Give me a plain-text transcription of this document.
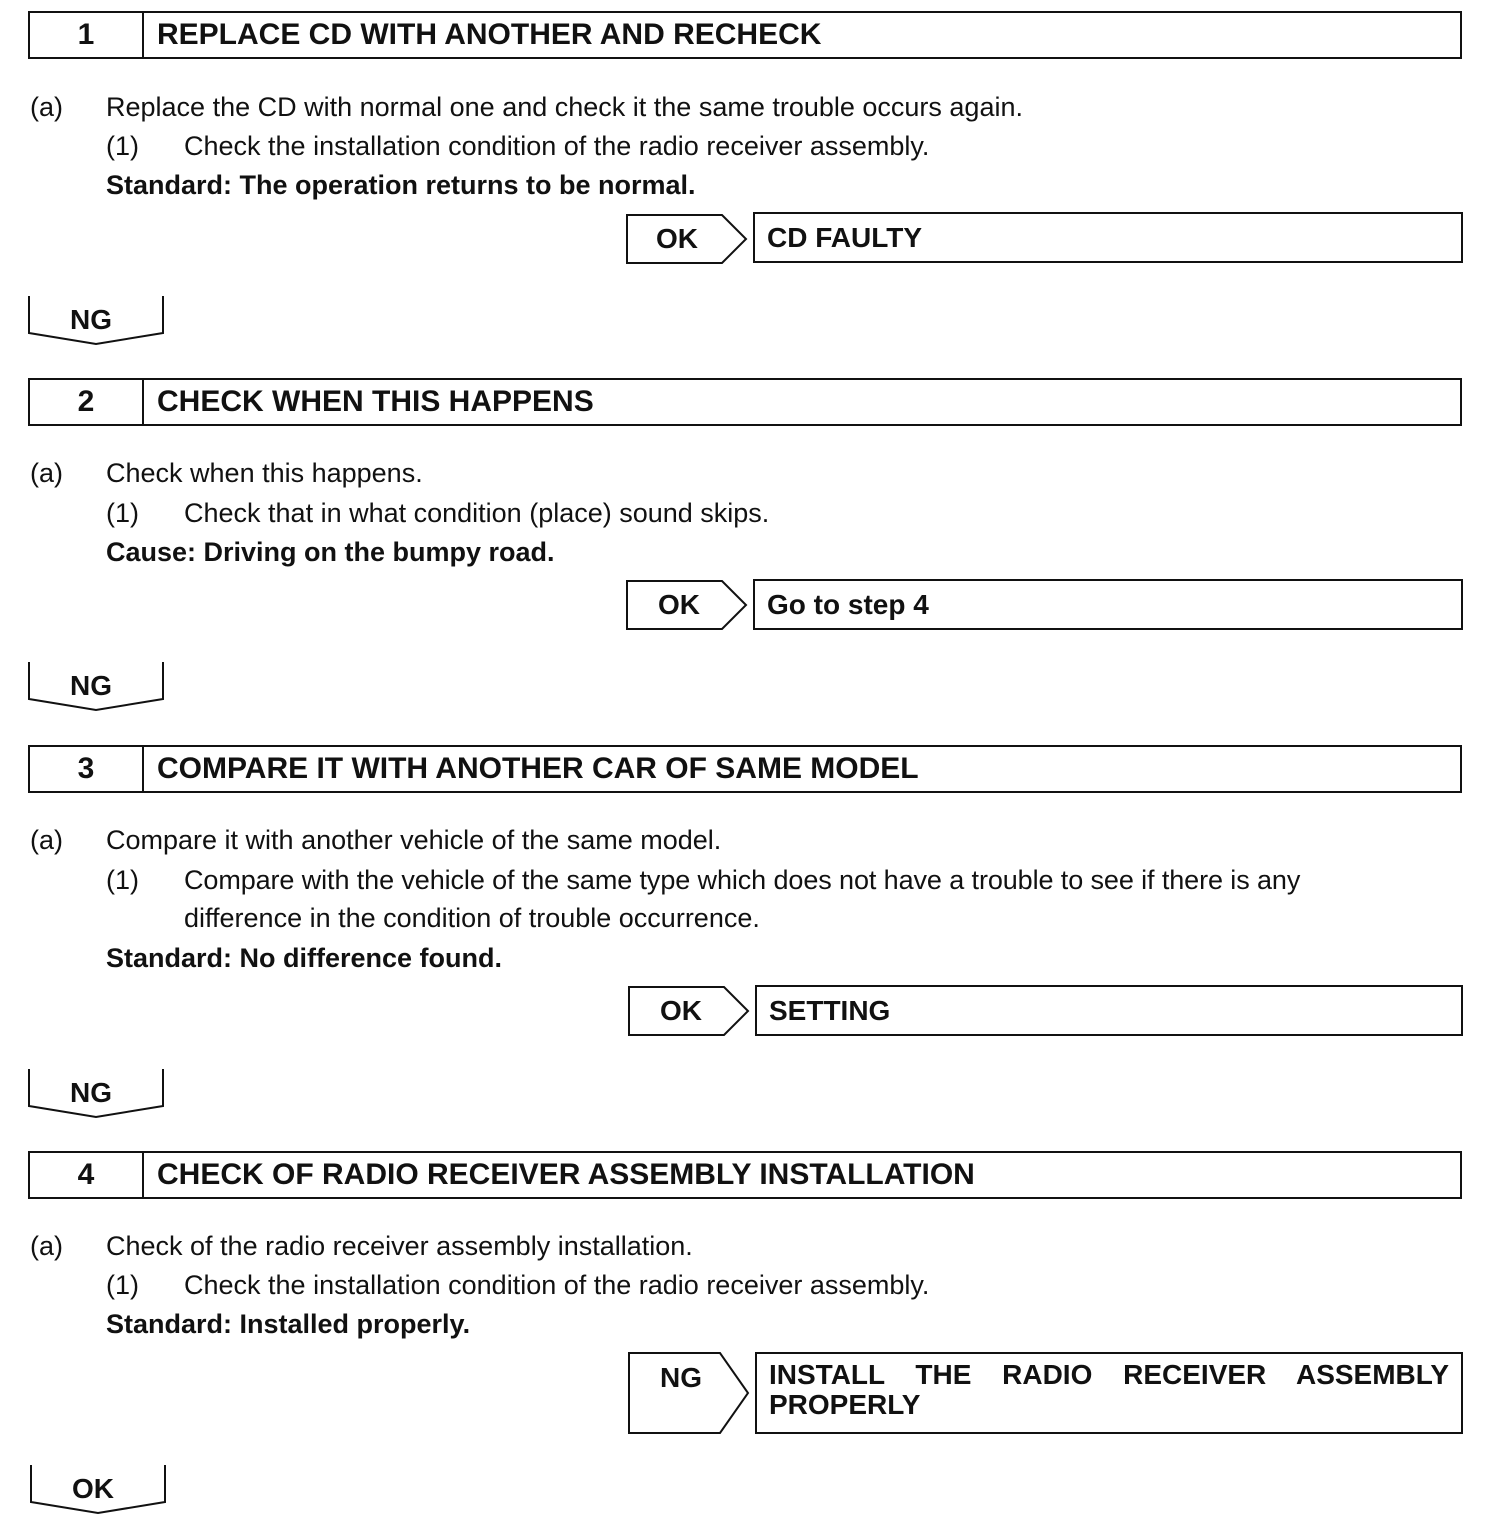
1	REPLACE CD WITH ANOTHER AND RECHECK
(a) Replace the CD with normal one and check it the same trouble occurs again.
(1) Check the installation condition of the radio receiver assembly.
Standard: The operation returns to be normal.
OK	CD FAULTY
NG
2	CHECK WHEN THIS HAPPENS
(a) Check when this happens.
(1) Check that in what condition (place) sound skips.
Cause: Driving on the bumpy road.
OK	Go to step 4
NG
3	COMPARE IT WITH ANOTHER CAR OF SAME MODEL
(a) Compare it with another vehicle of the same model.
(1) Compare with the vehicle of the same type which does not have a trouble to see if there is any
difference in the condition of trouble occurrence.
Standard: No difference found.
OK	SETTING
NG
4	CHECK OF RADIO RECEIVER ASSEMBLY INSTALLATION
(a) Check of the radio receiver assembly installation.
(1) Check the installation condition of the radio receiver assembly.
Standard: Installed properly.
NG	INSTALL THE RADIO RECEIVER ASSEMBLY PROPERLY
OK
